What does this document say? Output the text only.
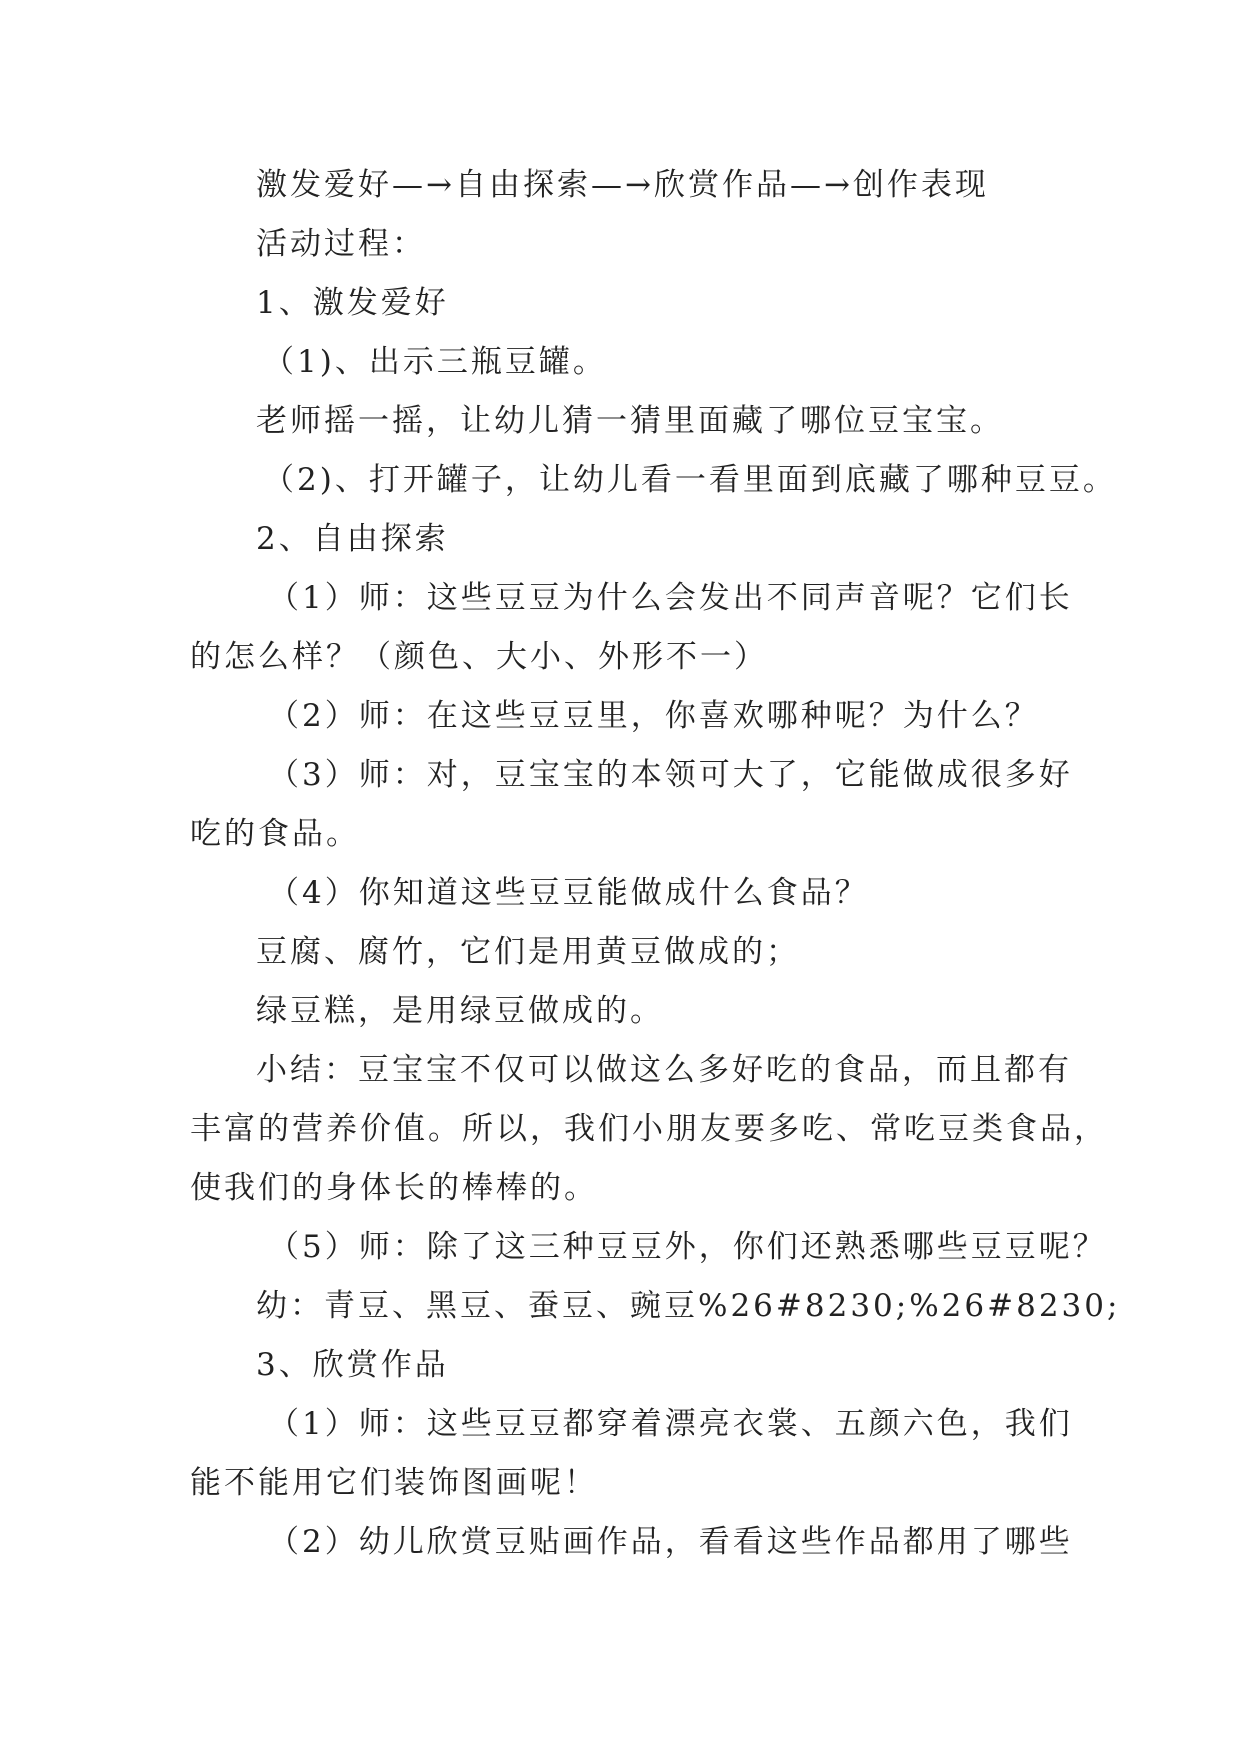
激发爱好—→自由探索—→欣赏作品—→创作表现
活动过程：
1、激发爱好
（1)、出示三瓶豆罐。
老师摇一摇，让幼儿猜一猜里面藏了哪位豆宝宝。
（2)、打开罐子，让幼儿看一看里面到底藏了哪种豆豆。
2、自由探索
（1）师：这些豆豆为什么会发出不同声音呢？它们长
的怎么样？（颜色、大小、外形不一）
（2）师：在这些豆豆里，你喜欢哪种呢？为什么？
（3）师：对，豆宝宝的本领可大了，它能做成很多好
吃的食品。
（4）你知道这些豆豆能做成什么食品？
豆腐、腐竹，它们是用黄豆做成的；
绿豆糕，是用绿豆做成的。
小结：豆宝宝不仅可以做这么多好吃的食品，而且都有
丰富的营养价值。所以，我们小朋友要多吃、常吃豆类食品，
使我们的身体长的棒棒的。
（5）师：除了这三种豆豆外，你们还熟悉哪些豆豆呢？
幼：青豆、黑豆、蚕豆、豌豆%26#8230;%26#8230;
3、欣赏作品
（1）师：这些豆豆都穿着漂亮衣裳、五颜六色，我们
能不能用它们装饰图画呢！
（2）幼儿欣赏豆贴画作品，看看这些作品都用了哪些
